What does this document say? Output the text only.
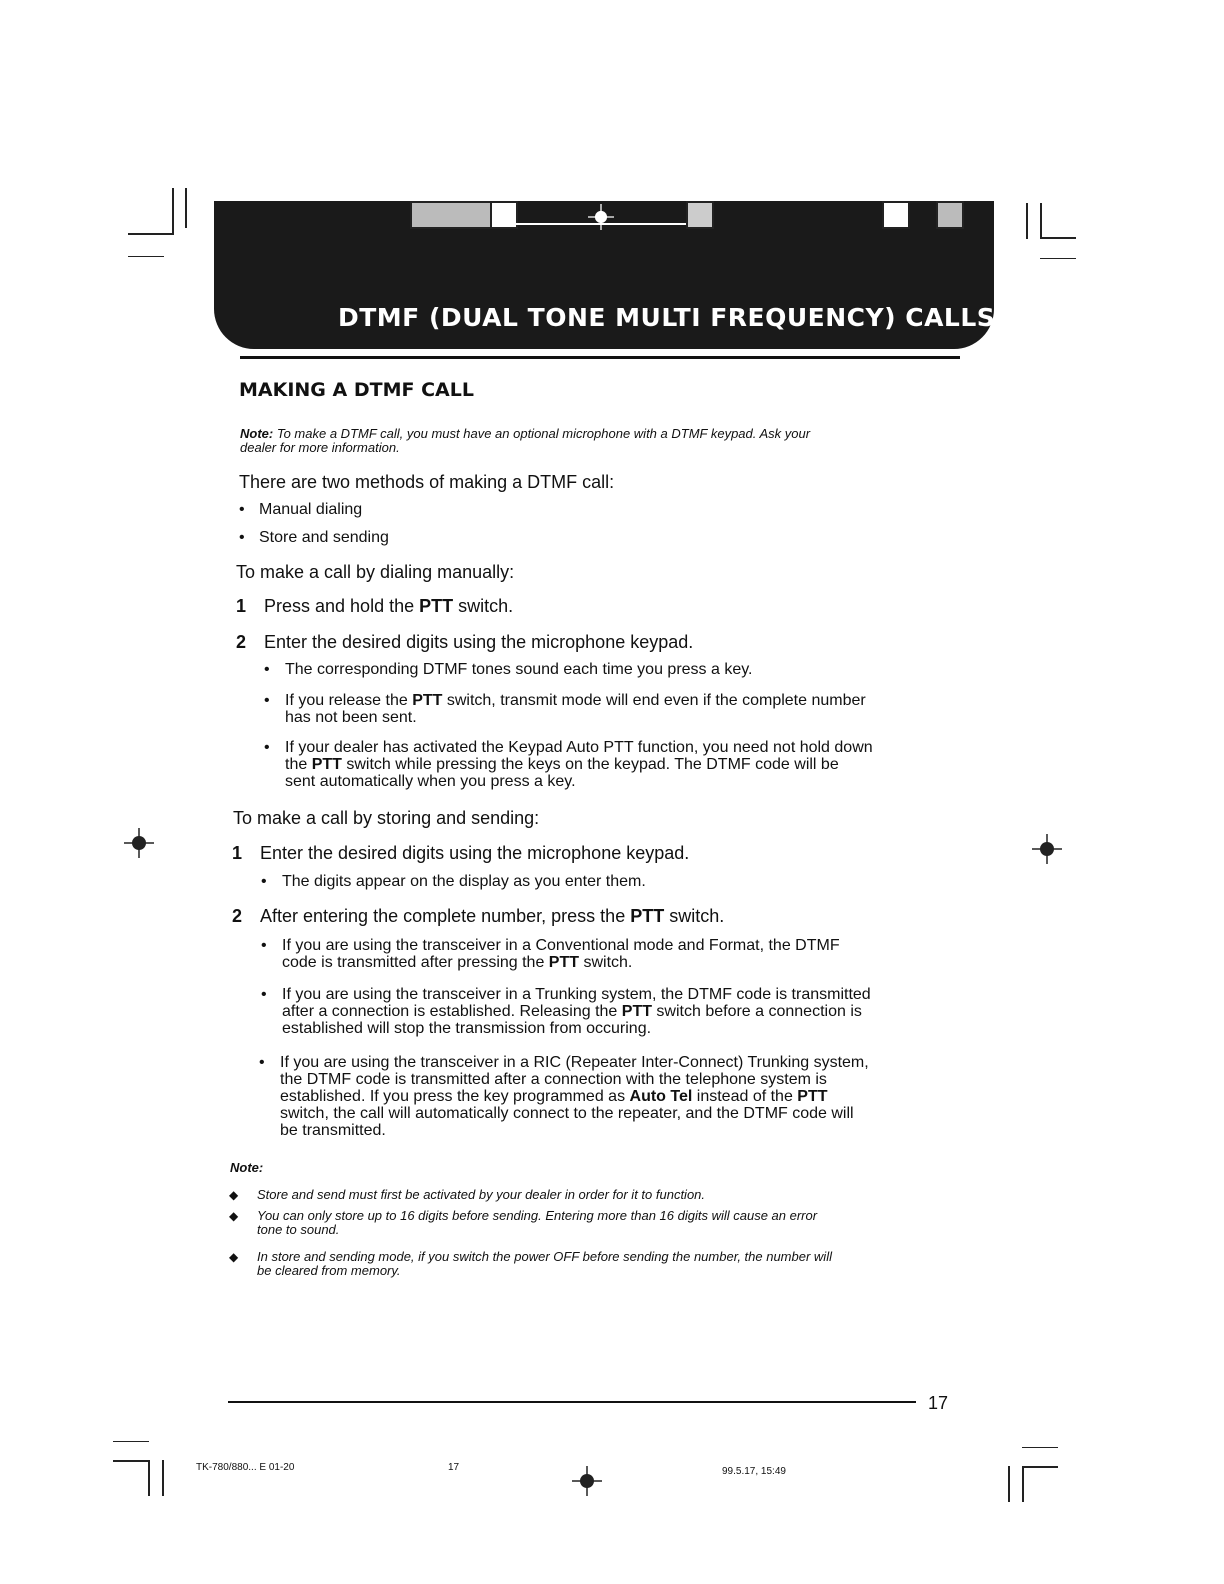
DTMF (DUAL TONE MULTI FREQUENCY) CALLS
MAKING A DTMF CALL
Note: To make a DTMF call, you must have an optional microphone with a DTMF keypad. Ask your
dealer for more information.
There are two methods of making a DTMF call:
• Manual dialing
• Store and sending
To make a call by dialing manually:
1 Press and hold the PTT switch.
2 Enter the desired digits using the microphone keypad.
• The corresponding DTMF tones sound each time you press a key.
• If you release the PTT switch, transmit mode will end even if the complete number
has not been sent.
• If your dealer has activated the Keypad Auto PTT function, you need not hold down
the PTT switch while pressing the keys on the keypad. The DTMF code will be
sent automatically when you press a key.
To make a call by storing and sending:
1 Enter the desired digits using the microphone keypad.
• The digits appear on the display as you enter them.
2 After entering the complete number, press the PTT switch.
• If you are using the transceiver in a Conventional mode and Format, the DTMF
code is transmitted after pressing the PTT switch.
• If you are using the transceiver in a Trunking system, the DTMF code is transmitted
after a connection is established. Releasing the PTT switch before a connection is
established will stop the transmission from occuring.
• If you are using the transceiver in a RIC (Repeater Inter-Connect) Trunking system,
the DTMF code is transmitted after a connection with the telephone system is
established. If you press the key programmed as Auto Tel instead of the PTT
switch, the call will automatically connect to the repeater, and the DTMF code will
be transmitted.
Note:
◆ Store and send must first be activated by your dealer in order for it to function.
◆ You can only store up to 16 digits before sending. Entering more than 16 digits will cause an error
tone to sound.
◆ In store and sending mode, if you switch the power OFF before sending the number, the number will
be cleared from memory.
17
TK-780/880... E 01-20	17	99.5.17, 15:49
